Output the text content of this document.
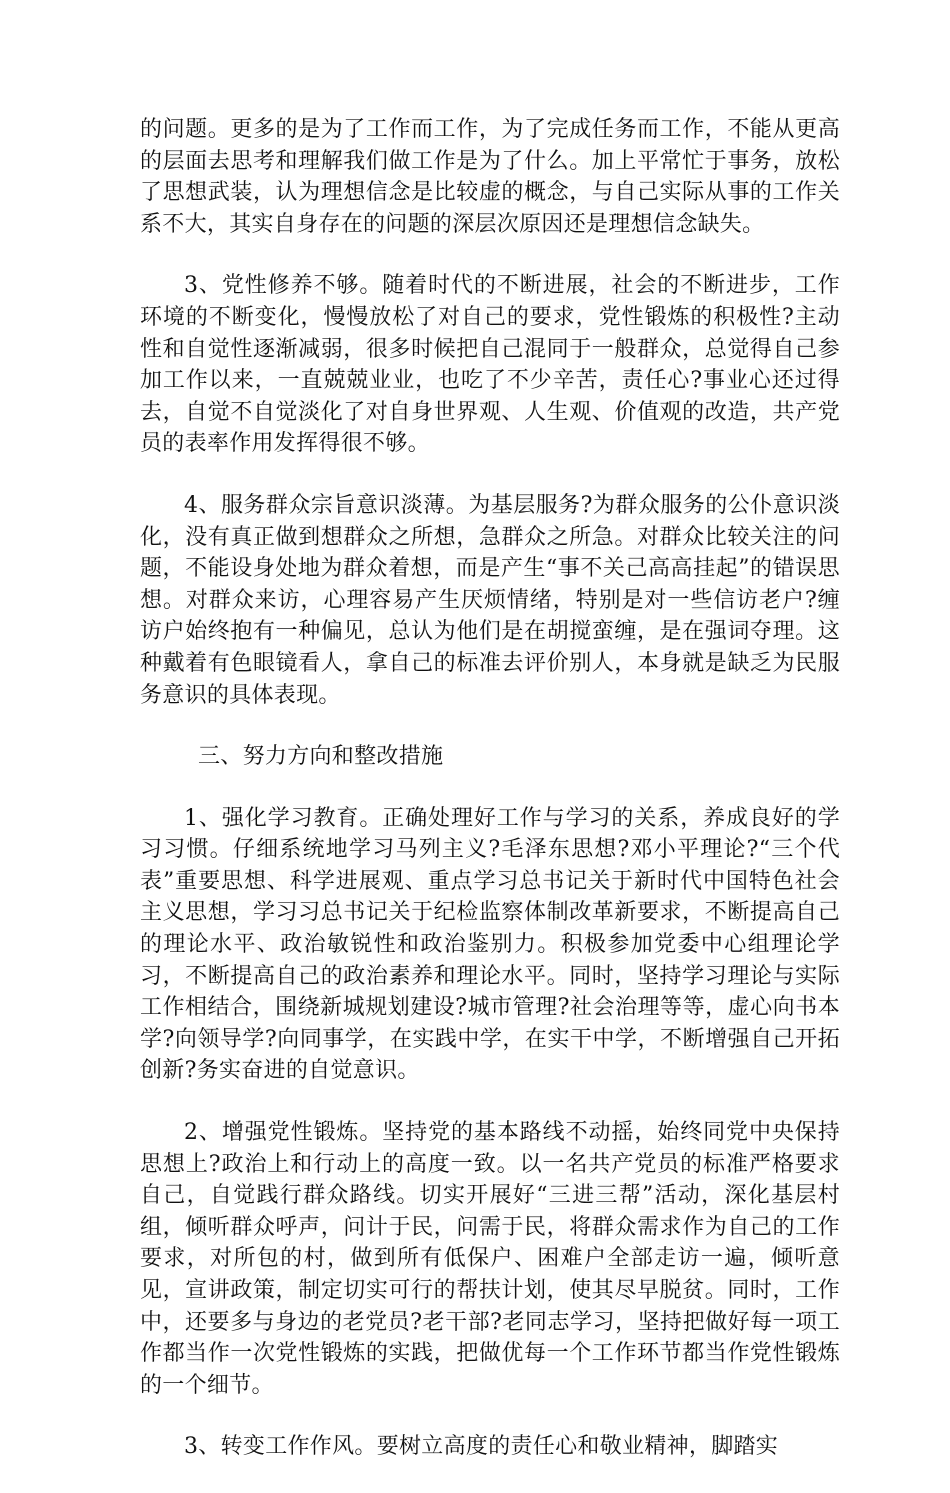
的问题。更多的是为了工作而工作，为了完成任务而工作，不能从更高的层面去思考和理解我们做工作是为了什么。加上平常忙于事务，放松了思想武装，认为理想信念是比较虚的概念，与自己实际从事的工作关系不大，其实自身存在的问题的深层次原因还是理想信念缺失。

3、党性修养不够。随着时代的不断进展，社会的不断进步，工作环境的不断变化，慢慢放松了对自己的要求，党性锻炼的积极性?主动性和自觉性逐渐减弱，很多时候把自己混同于一般群众，总觉得自己参加工作以来，一直兢兢业业，也吃了不少辛苦，责任心?事业心还过得去，自觉不自觉淡化了对自身世界观、人生观、价值观的改造，共产党员的表率作用发挥得很不够。

4、服务群众宗旨意识淡薄。为基层服务?为群众服务的公仆意识淡化，没有真正做到想群众之所想，急群众之所急。对群众比较关注的问题，不能设身处地为群众着想，而是产生“事不关己高高挂起”的错误思想。对群众来访，心理容易产生厌烦情绪，特别是对一些信访老户?缠访户始终抱有一种偏见，总认为他们是在胡搅蛮缠，是在强词夺理。这种戴着有色眼镜看人，拿自己的标准去评价别人，本身就是缺乏为民服务意识的具体表现。

三、努力方向和整改措施

1、强化学习教育。正确处理好工作与学习的关系，养成良好的学习习惯。仔细系统地学习马列主义?毛泽东思想?邓小平理论?“三个代表”重要思想、科学进展观、重点学习总书记关于新时代中国特色社会主义思想，学习习总书记关于纪检监察体制改革新要求，不断提高自己的理论水平、政治敏锐性和政治鉴别力。积极参加党委中心组理论学习，不断提高自己的政治素养和理论水平。同时，坚持学习理论与实际工作相结合，围绕新城规划建设?城市管理?社会治理等等，虚心向书本学?向领导学?向同事学，在实践中学，在实干中学，不断增强自己开拓创新?务实奋进的自觉意识。

2、增强党性锻炼。坚持党的基本路线不动摇，始终同党中央保持思想上?政治上和行动上的高度一致。以一名共产党员的标准严格要求自己，自觉践行群众路线。切实开展好“三进三帮”活动，深化基层村组，倾听群众呼声，问计于民，问需于民，将群众需求作为自己的工作要求，对所包的村，做到所有低保户、困难户全部走访一遍，倾听意见，宣讲政策，制定切实可行的帮扶计划，使其尽早脱贫。同时，工作中，还要多与身边的老党员?老干部?老同志学习，坚持把做好每一项工作都当作一次党性锻炼的实践，把做优每一个工作环节都当作党性锻炼的一个细节。

3、转变工作作风。要树立高度的责任心和敬业精神，脚踏实
